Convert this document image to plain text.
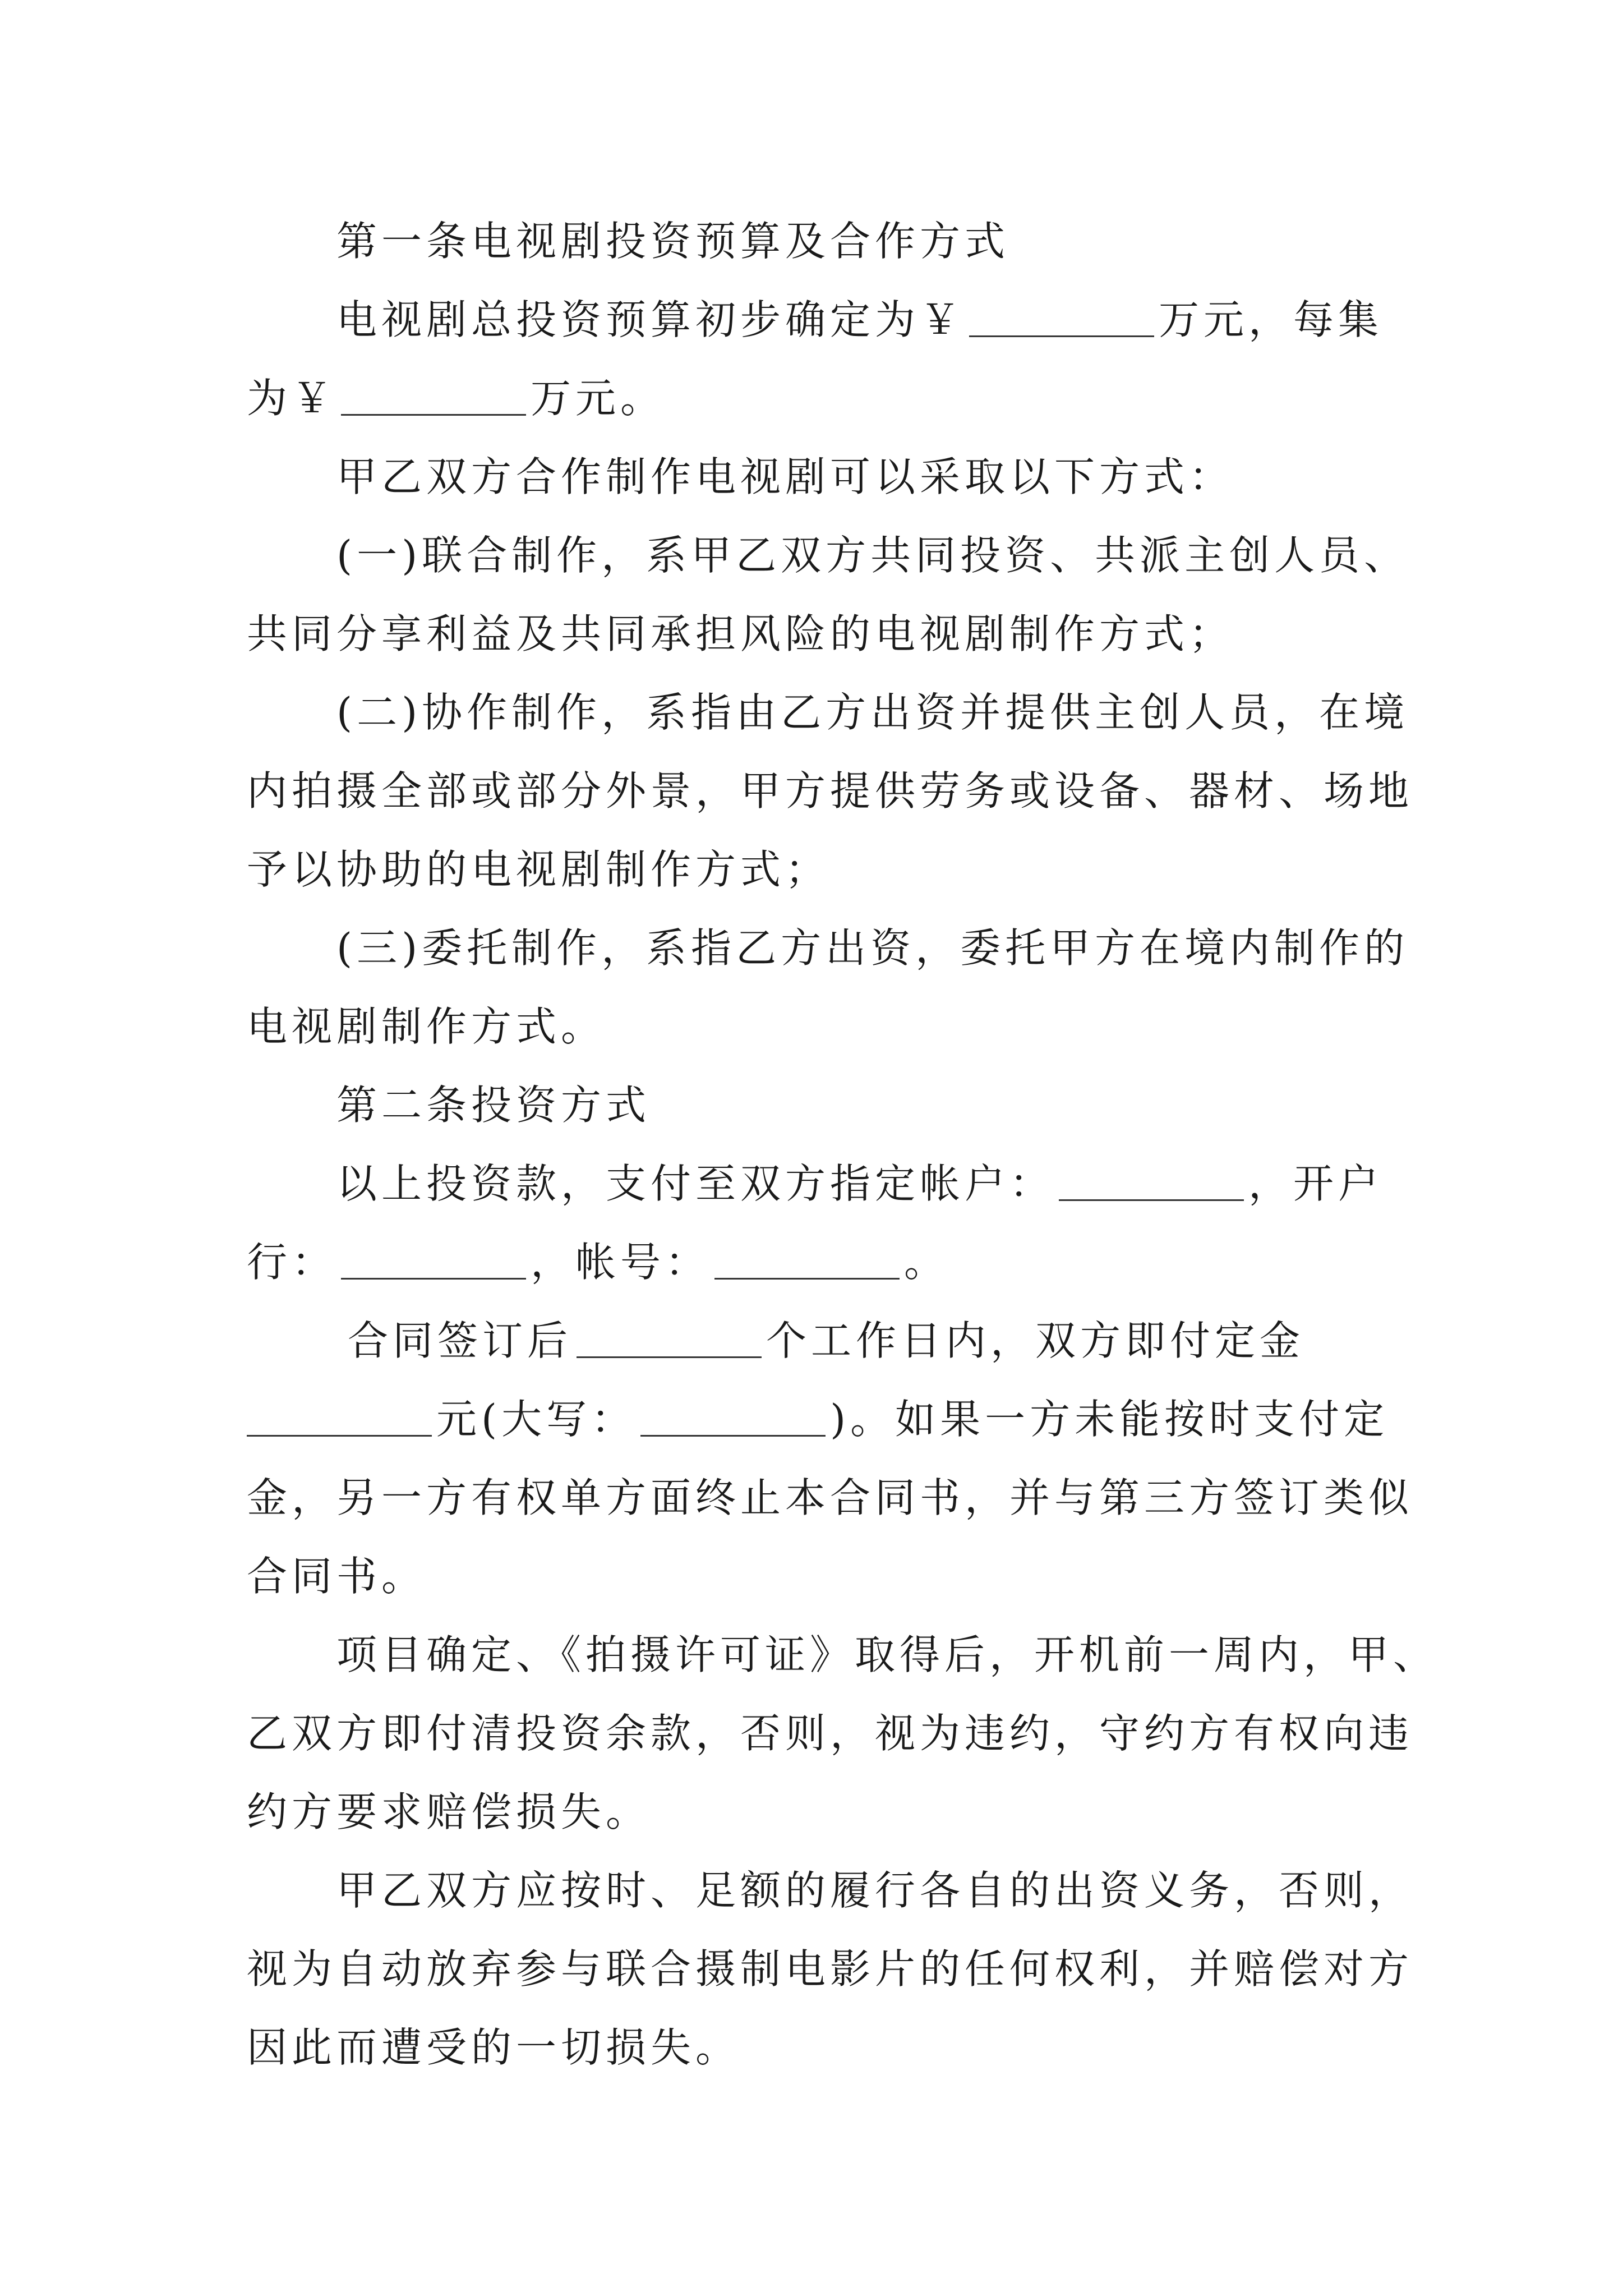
第一条电视剧投资预算及合作方式
电视剧总投资预算初步确定为￥	万元，每集
为￥	万元。
甲乙双方合作制作电视剧可以采取以下方式：
(一)联合制作，系甲乙双方共同投资、共派主创人员、
共同分享利益及共同承担风险的电视剧制作方式；
(二)协作制作，系指由乙方出资并提供主创人员，在境
内拍摄全部或部分外景，甲方提供劳务或设备、器材、场地
予以协助的电视剧制作方式；
(三)委托制作，系指乙方出资，委托甲方在境内制作的
电视剧制作方式。
第二条投资方式
以上投资款，支付至双方指定帐户：	，开户
行：	，帐号：	。
合同签订后	个工作日内，双方即付定金
元(大写：	)。如果一方未能按时支付定
金，另一方有权单方面终止本合同书，并与第三方签订类似
合同书。
项目确定、《拍摄许可证》取得后，开机前一周内，甲、
乙双方即付清投资余款，否则，视为违约，守约方有权向违
约方要求赔偿损失。
甲乙双方应按时、足额的履行各自的出资义务，否则，
视为自动放弃参与联合摄制电影片的任何权利，并赔偿对方
因此而遭受的一切损失。
